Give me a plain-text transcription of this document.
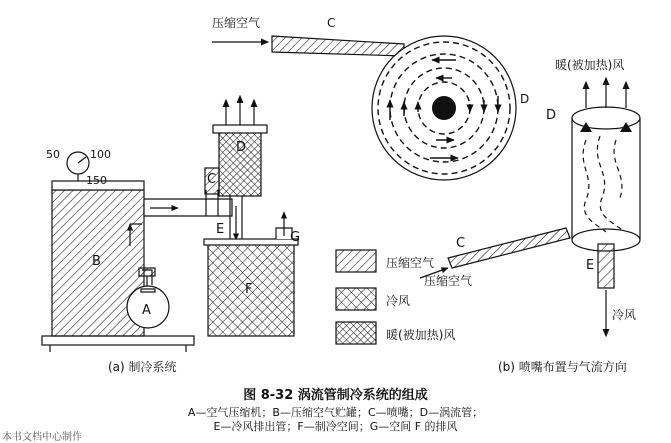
压缩空气	C
D
50	100
150
A
B
C
D
E
F
G
暖(被加热)风
D
C
压缩空气
E
冷风
压缩空气
冷风
暖(被加热)风
(a) 制冷系统	(b) 喷嘴布置与气流方向
图 8-32 涡流管制冷系统的组成
A—空气压缩机；B—压缩空气贮罐；C—喷嘴；D—涡流管；
E—冷风排出管；F—制冷空间；G—空间 F 的排风
本书文档中心制作
